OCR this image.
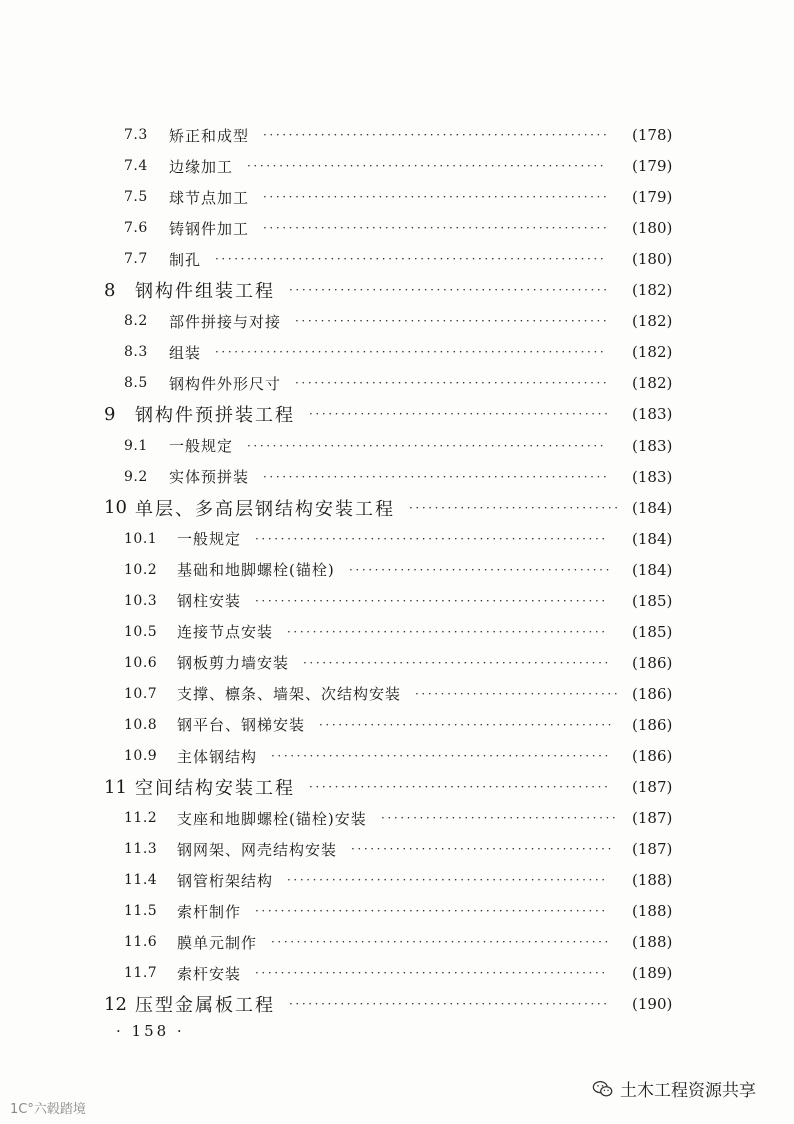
7.3 矫正和成型 ······················································	(178)
7.4 边缘加工 ························································	(179)
7.5 球节点加工 ······················································	(179)
7.6 铸钢件加工 ······················································	(180)
7.7 制孔 ·····························································	(180)
8 钢构件组装工程 ··················································	(182)
8.2 部件拼接与对接 ·················································	(182)
8.3 组装 ·····························································	(182)
8.5 钢构件外形尺寸 ·················································	(182)
9 钢构件预拼装工程 ···············································	(183)
9.1 一般规定 ························································	(183)
9.2 实体预拼装 ······················································	(183)
10 单层、多高层钢结构安装工程 ································· (184)
10.1 一般规定 ·······················································	(184)
10.2 基础和地脚螺栓(锚栓) ·········································	(184)
10.3 钢柱安装 ·······················································	(185)
10.5 连接节点安装 ··················································	(185)
10.6 钢板剪力墙安装 ················································	(186)
10.7 支撑、檩条、墙架、次结构安装 ································ (186)
10.8 钢平台、钢梯安装 ··············································	(186)
10.9 主体钢结构 ·····················································	(186)
11 空间结构安装工程 ···············································	(187)
11.2 支座和地脚螺栓(锚栓)安装 ····································· (187)
11.3 钢网架、网壳结构安装 ·········································	(187)
11.4 钢管桁架结构 ··················································	(188)
11.5 索杆制作 ·······················································	(188)
11.6 膜单元制作 ·····················································	(188)
11.7 索杆安装 ·······················································	(189)
12 压型金属板工程 ··················································	(190)
· 158 ·
1C°六毂踏境
土木工程资源共享
